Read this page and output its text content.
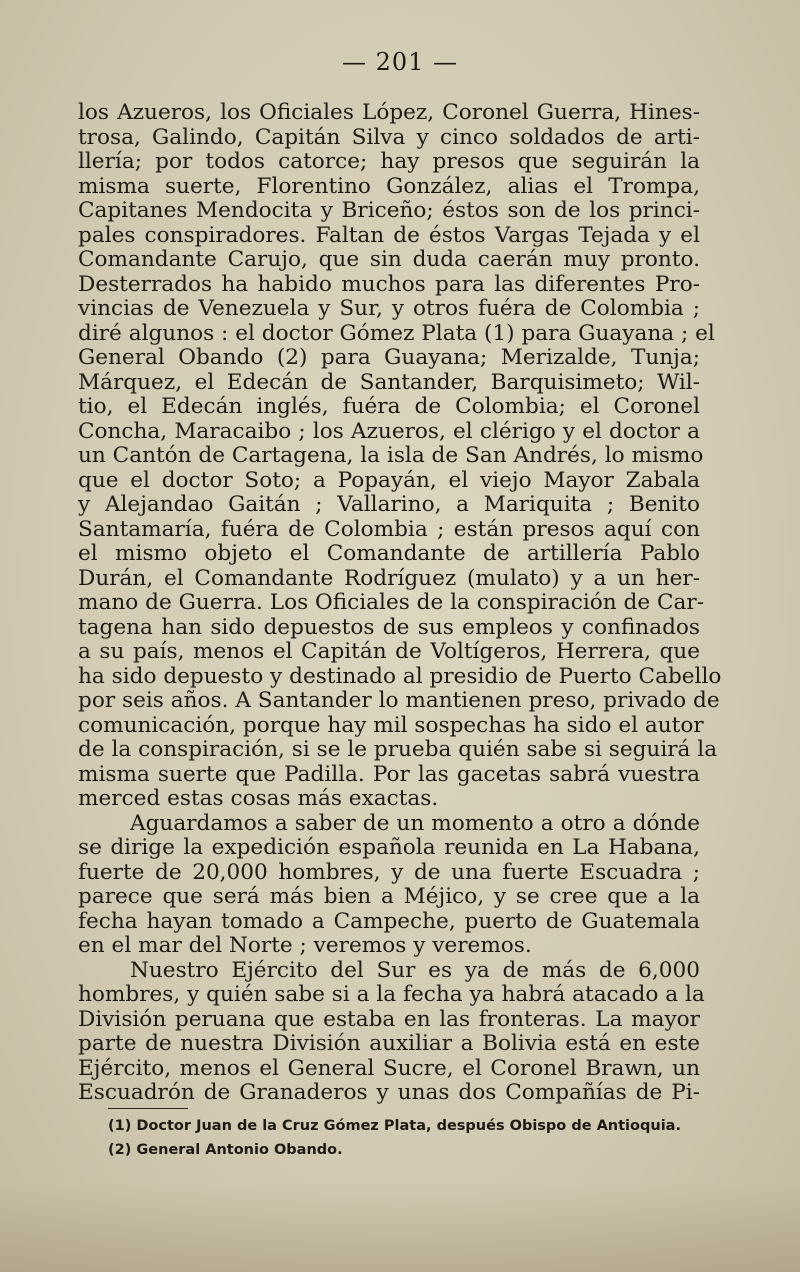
— 201 —
los Azueros, los Oficiales López, Coronel Guerra, Hines-
trosa, Galindo, Capitán Silva y cinco soldados de arti-
llería; por todos catorce; hay presos que seguirán la
misma suerte, Florentino González, alias el Trompa,
Capitanes Mendocita y Briceño; éstos son de los princi-
pales conspiradores. Faltan de éstos Vargas Tejada y el
Comandante Carujo, que sin duda caerán muy pronto.
Desterrados ha habido muchos para las diferentes Pro-
vincias de Venezuela y Sur, y otros fuéra de Colombia ;
diré algunos : el doctor Gómez Plata (1) para Guayana ; el
General Obando (2) para Guayana; Merizalde, Tunja;
Márquez, el Edecán de Santander, Barquisimeto; Wil-
tio, el Edecán inglés, fuéra de Colombia; el Coronel
Concha, Maracaibo ; los Azueros, el clérigo y el doctor a
un Cantón de Cartagena, la isla de San Andrés, lo mismo
que el doctor Soto; a Popayán, el viejo Mayor Zabala
y Alejandao Gaitán ; Vallarino, a Mariquita ; Benito
Santamaría, fuéra de Colombia ; están presos aquí con
el mismo objeto el Comandante de artillería Pablo
Durán, el Comandante Rodríguez (mulato) y a un her-
mano de Guerra. Los Oficiales de la conspiración de Car-
tagena han sido depuestos de sus empleos y confinados
a su país, menos el Capitán de Voltígeros, Herrera, que
ha sido depuesto y destinado al presidio de Puerto Cabello
por seis años. A Santander lo mantienen preso, privado de
comunicación, porque hay mil sospechas ha sido el autor
de la conspiración, si se le prueba quién sabe si seguirá la
misma suerte que Padilla. Por las gacetas sabrá vuestra
merced estas cosas más exactas.
Aguardamos a saber de un momento a otro a dónde
se dirige la expedición española reunida en La Habana,
fuerte de 20,000 hombres, y de una fuerte Escuadra ;
parece que será más bien a Méjico, y se cree que a la
fecha hayan tomado a Campeche, puerto de Guatemala
en el mar del Norte ; veremos y veremos.
Nuestro Ejército del Sur es ya de más de 6,000
hombres, y quién sabe si a la fecha ya habrá atacado a la
División peruana que estaba en las fronteras. La mayor
parte de nuestra División auxiliar a Bolivia está en este
Ejército, menos el General Sucre, el Coronel Brawn, un
Escuadrón de Granaderos y unas dos Compañías de Pi-
(1) Doctor Juan de la Cruz Gómez Plata, después Obispo de Antioquia.
(2) General Antonio Obando.
